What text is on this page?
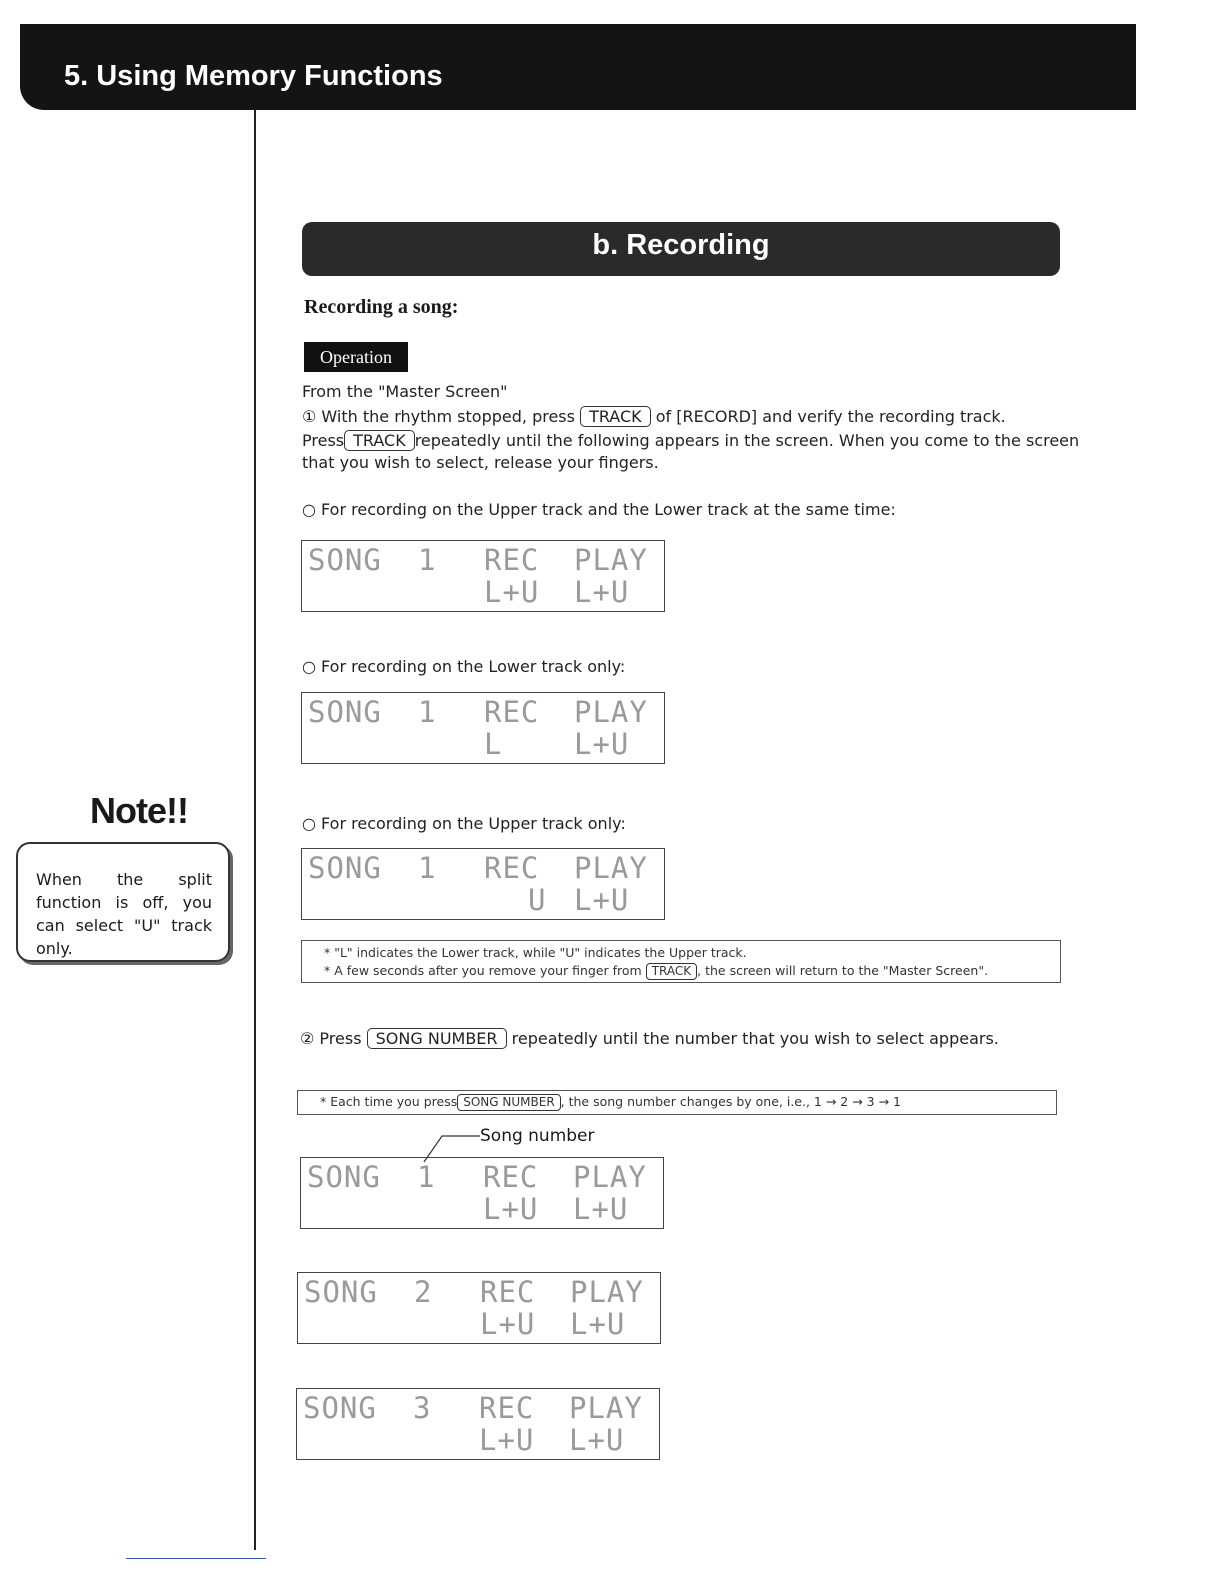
5. Using Memory Functions
b. Recording
Recording a song:
Operation
From the "Master Screen"
① With the rhythm stopped, press TRACK of [RECORD] and verify the recording track.
Press TRACK repeatedly until the following appears in the screen. When you come to the screen
that you wish to select, release your fingers.
○ For recording on the Upper track and the Lower track at the same time:
SONG 1 REC PLAY
L+U L+U
○ For recording on the Lower track only:
SONG 1 REC PLAY
L L+U
○ For recording on the Upper track only:
SONG 1 REC PLAY
U L+U
* "L" indicates the Lower track, while "U" indicates the Upper track.
* A few seconds after you remove your finger from TRACK , the screen will return to the "Master Screen".
② Press SONG NUMBER repeatedly until the number that you wish to select appears.
* Each time you press SONG NUMBER , the song number changes by one, i.e., 1 → 2 → 3 → 1
Song number
SONG 1 REC PLAY
L+U L+U
SONG 2 REC PLAY
L+U L+U
SONG 3 REC PLAY
L+U L+U
Note!!
When the split function is off, you can select "U" track only.
